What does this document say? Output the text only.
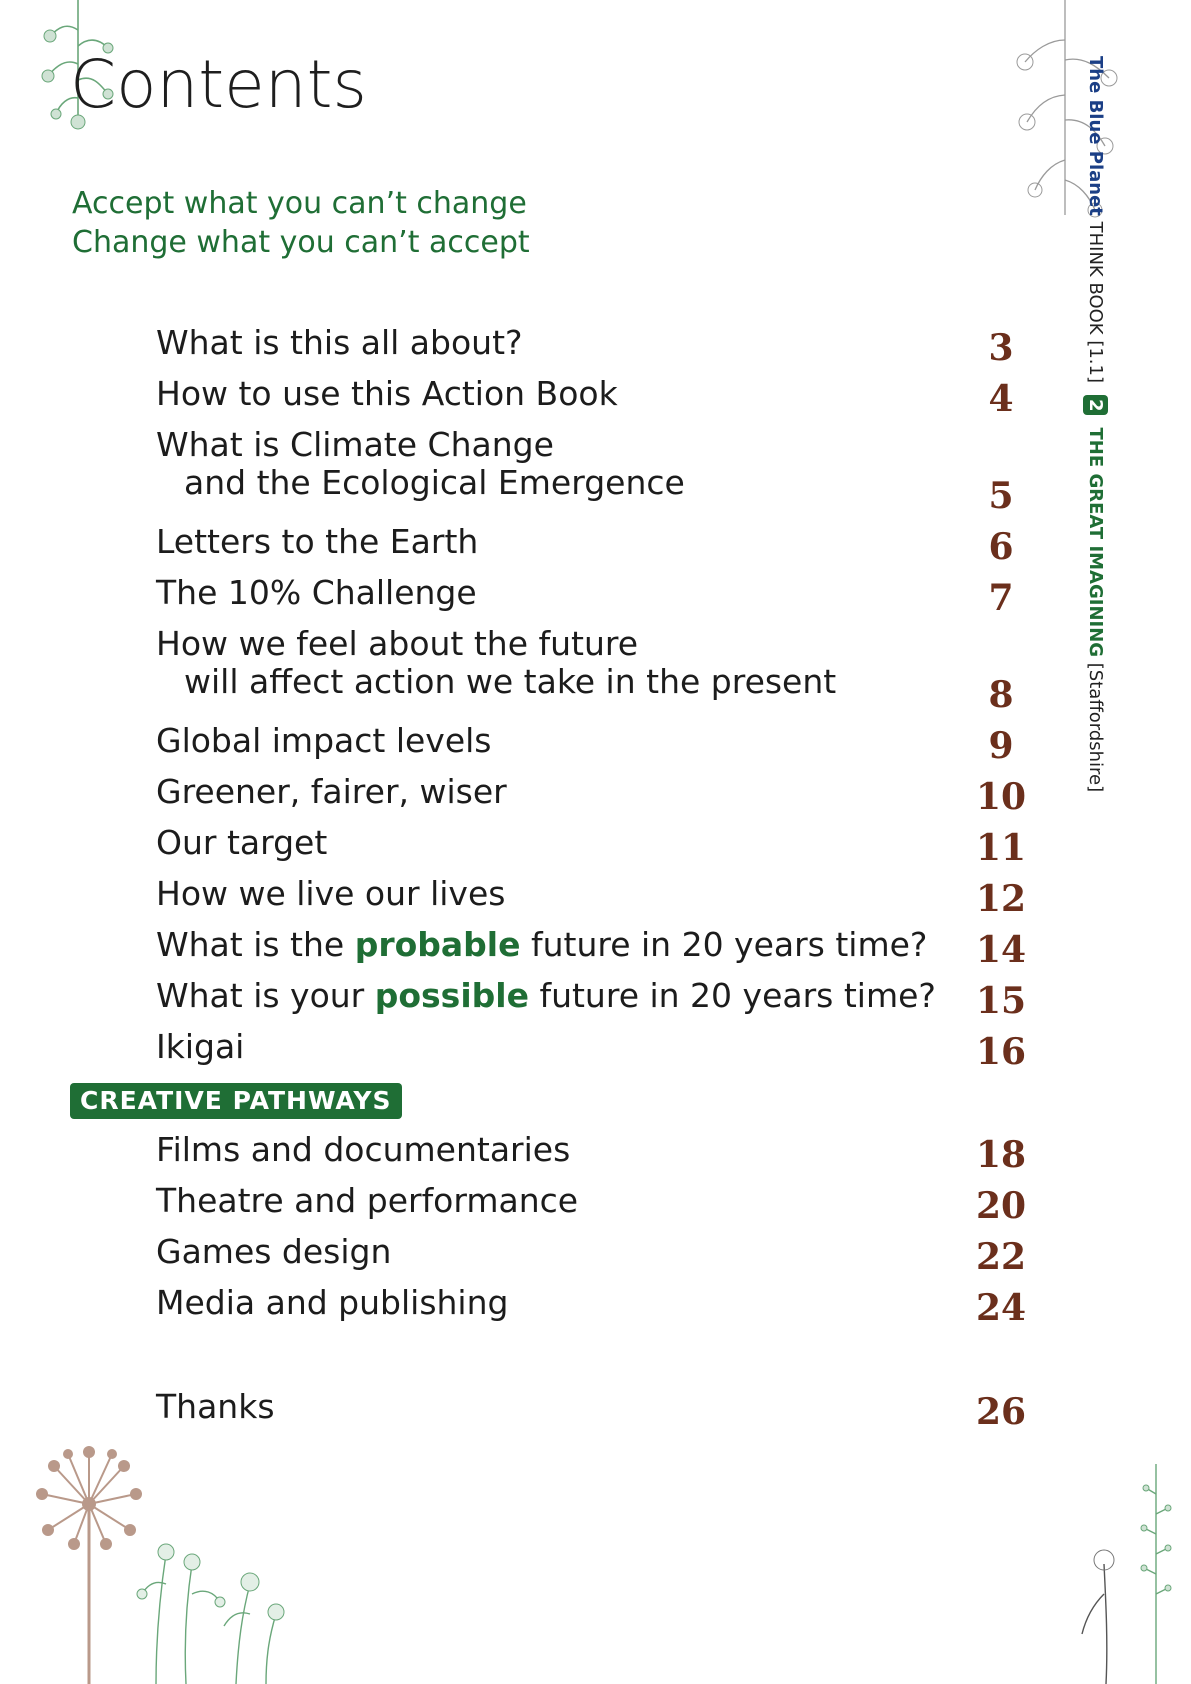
Contents
Accept what you can’t change
Change what you can’t accept
What is this all about?	3
How to use this Action Book	4
What is Climate Change
and the Ecological Emergence	5
Letters to the Earth	6
The 10% Challenge	7
How we feel about the future
will affect action we take in the present	8
Global impact levels	9
Greener, fairer, wiser	10
Our target	11
How we live our lives	12
What is the probable future in 20 years time? 14
What is your possible future in 20 years time? 15
Ikigai	16
CREATIVE PATHWAYS
Films and documentaries	18
Theatre and performance	20
Games design	22
Media and publishing	24
Thanks	26
The Blue Planet THINK BOOK [1.1] 2 THE GREAT IMAGINING [Staffordshire]
